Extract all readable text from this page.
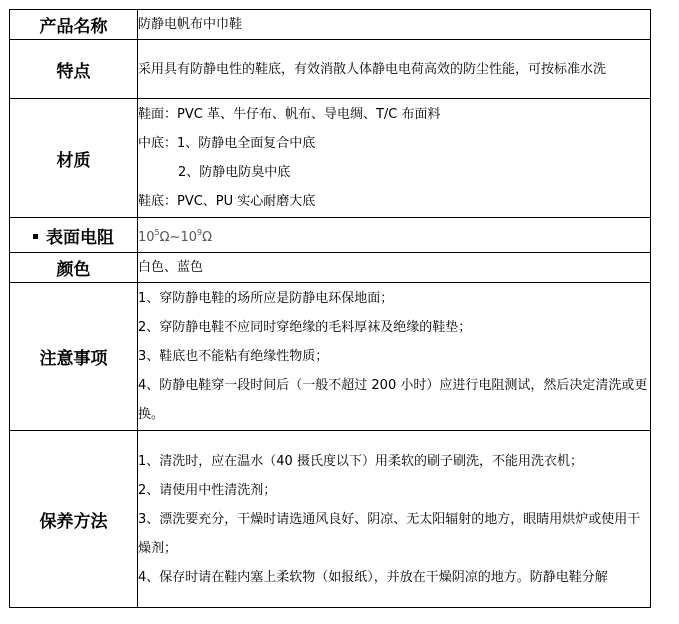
产品名称	防静电帆布中巾鞋
特点	采用具有防静电性的鞋底，有效消散人体静电电荷高效的防尘性能，可按标准水洗

材质	鞋面：PVC 革、牛仔布、帆布、导电绸、T/C 布面料
中底：1、防静电全面复合中底
2、防静电防臭中底
鞋底：PVC、PU 实心耐磨大底

表面电阻	$10^5\Omega\sim 10^9\Omega$
颜色	白色、蓝色
注意事项	1、穿防静电鞋的场所应是防静电环保地面；
2、穿防静电鞋不应同时穿绝缘的毛料厚袜及绝缘的鞋垫；
3、鞋底也不能粘有绝缘性物质；
4、防静电鞋穿一段时间后（一般不超过 200 小时）应进行电阻测试，然后决定清洗或更换。

保养方法	1、清洗时，应在温水（40 摄氏度以下）用柔软的刷子刷洗，不能用洗衣机；
2、请使用中性清洗剂；
3、漂洗要充分，干燥时请选通风良好、阴凉、无太阳辐射的地方，眼睛用烘炉或使用干燥剂；
4、保存时请在鞋内塞上柔软物（如报纸），并放在干燥阴凉的地方。防静电鞋分解
